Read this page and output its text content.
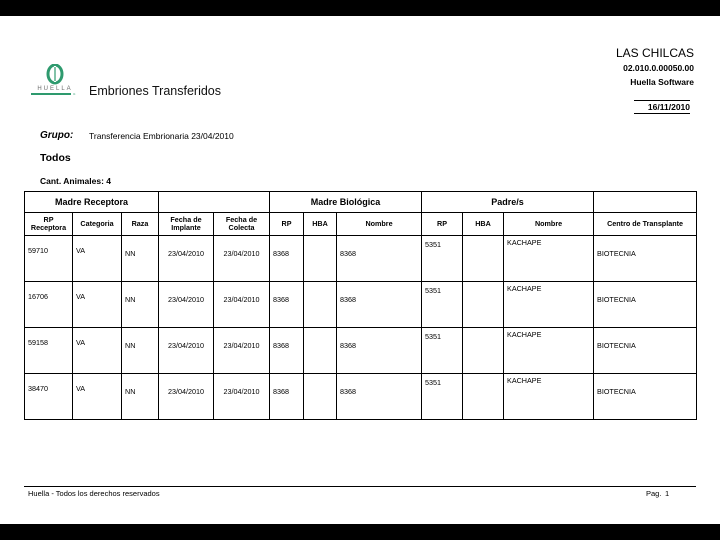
HUELLA
» Embriones Transferidos
LAS CHILCAS
02.010.0.00050.00
Huella Software
16/11/2010
Grupo: Transferencia Embrionaria 23/04/2010
Todos
Cant. Animales: 4
Madre Receptora					Madre Biológica			Padre/s			
RP Receptora	Categoria	Raza	Fecha de Implante	Fecha de Colecta	RP	HBA	Nombre	RP	HBA	Nombre	Centro de Transplante
59710	VA	NN	23/04/2010	23/04/2010	8368		8368	5351		KACHAPE	BIOTECNIA
16706	VA	NN	23/04/2010	23/04/2010	8368		8368	5351		KACHAPE	BIOTECNIA
59158	VA	NN	23/04/2010	23/04/2010	8368		8368	5351		KACHAPE	BIOTECNIA
38470	VA	NN	23/04/2010	23/04/2010	8368		8368	5351		KACHAPE	BIOTECNIA
Huella - Todos los derechos reservados	Pag. 1
